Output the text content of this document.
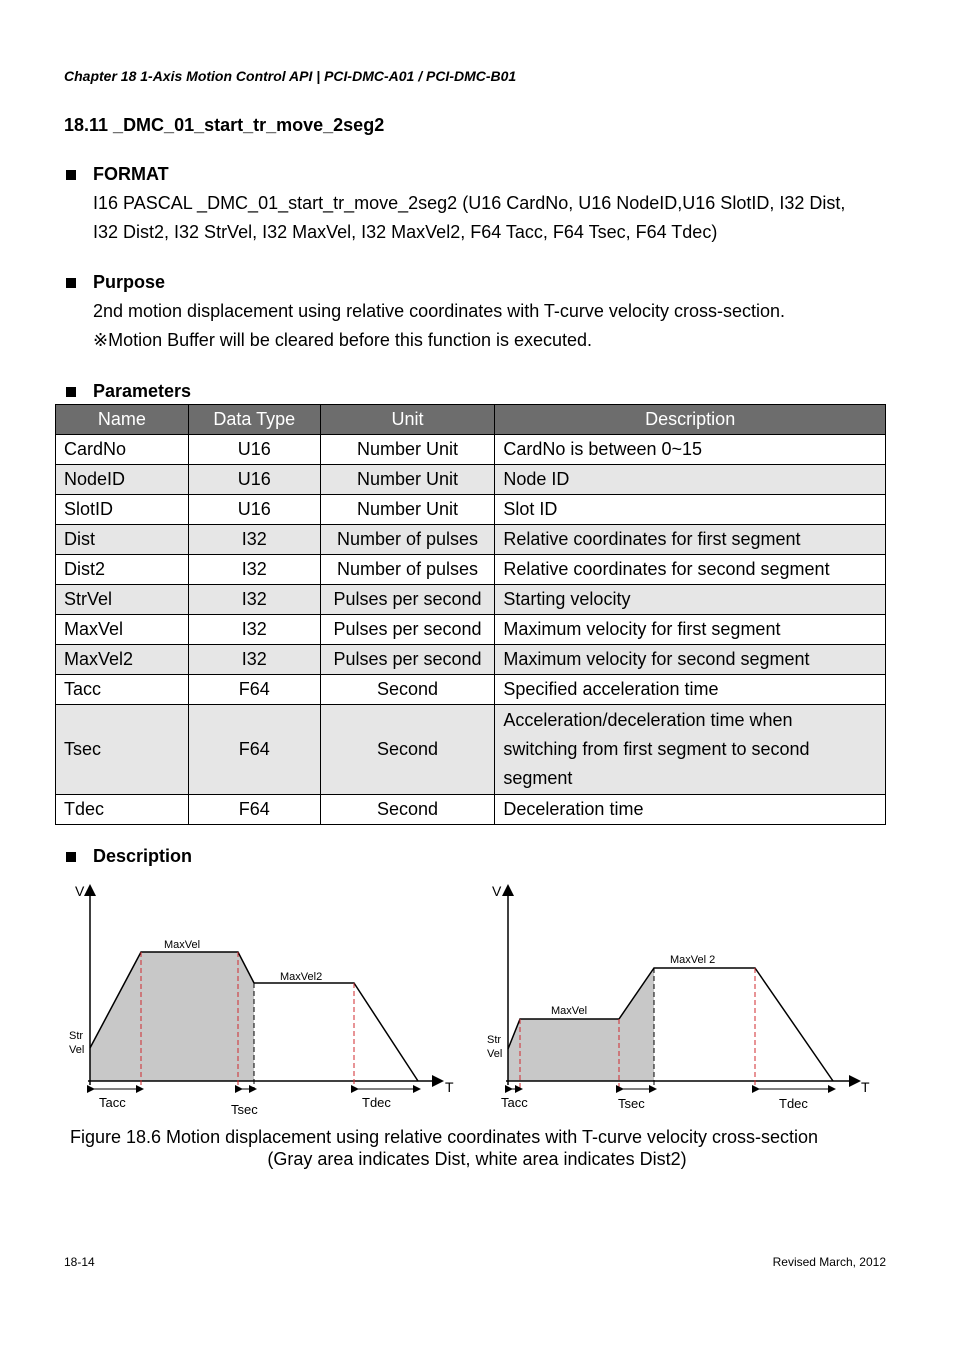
Chapter 18 1-Axis Motion Control API | PCI-DMC-A01 / PCI-DMC-B01
18.11 _DMC_01_start_tr_move_2seg2
FORMAT
I16 PASCAL _DMC_01_start_tr_move_2seg2 (U16 CardNo, U16 NodeID,U16 SlotID, I32 Dist,
I32 Dist2, I32 StrVel, I32 MaxVel, I32 MaxVel2, F64 Tacc, F64 Tsec, F64 Tdec)
Purpose
2nd motion displacement using relative coordinates with T-curve velocity cross-section.
※Motion Buffer will be cleared before this function is executed.
Parameters
Name	Data Type	Unit	Description
CardNo	U16	Number Unit	CardNo is between 0~15
NodeID	U16	Number Unit	Node ID
SlotID	U16	Number Unit	Slot ID
Dist	I32	Number of pulses	Relative coordinates for first segment
Dist2	I32	Number of pulses	Relative coordinates for second segment
StrVel	I32	Pulses per second	Starting velocity
MaxVel	I32	Pulses per second	Maximum velocity for first segment
MaxVel2	I32	Pulses per second	Maximum velocity for second segment
Tacc	F64	Second	Specified acceleration time
Tsec	F64	Second	Acceleration/deceleration time when
switching from first segment to second
segment

Tdec	F64	Second	Deceleration time
Description
V
T
MaxVel
MaxVel2
Str
Vel
Tacc	Tsec	Tdec
V
T
MaxVel
MaxVel 2
Str
Vel
Tacc	Tsec	Tdec
Figure 18.6 Motion displacement using relative coordinates with T-curve velocity cross-section
(Gray area indicates Dist, white area indicates Dist2)
18-14	Revised March, 2012
